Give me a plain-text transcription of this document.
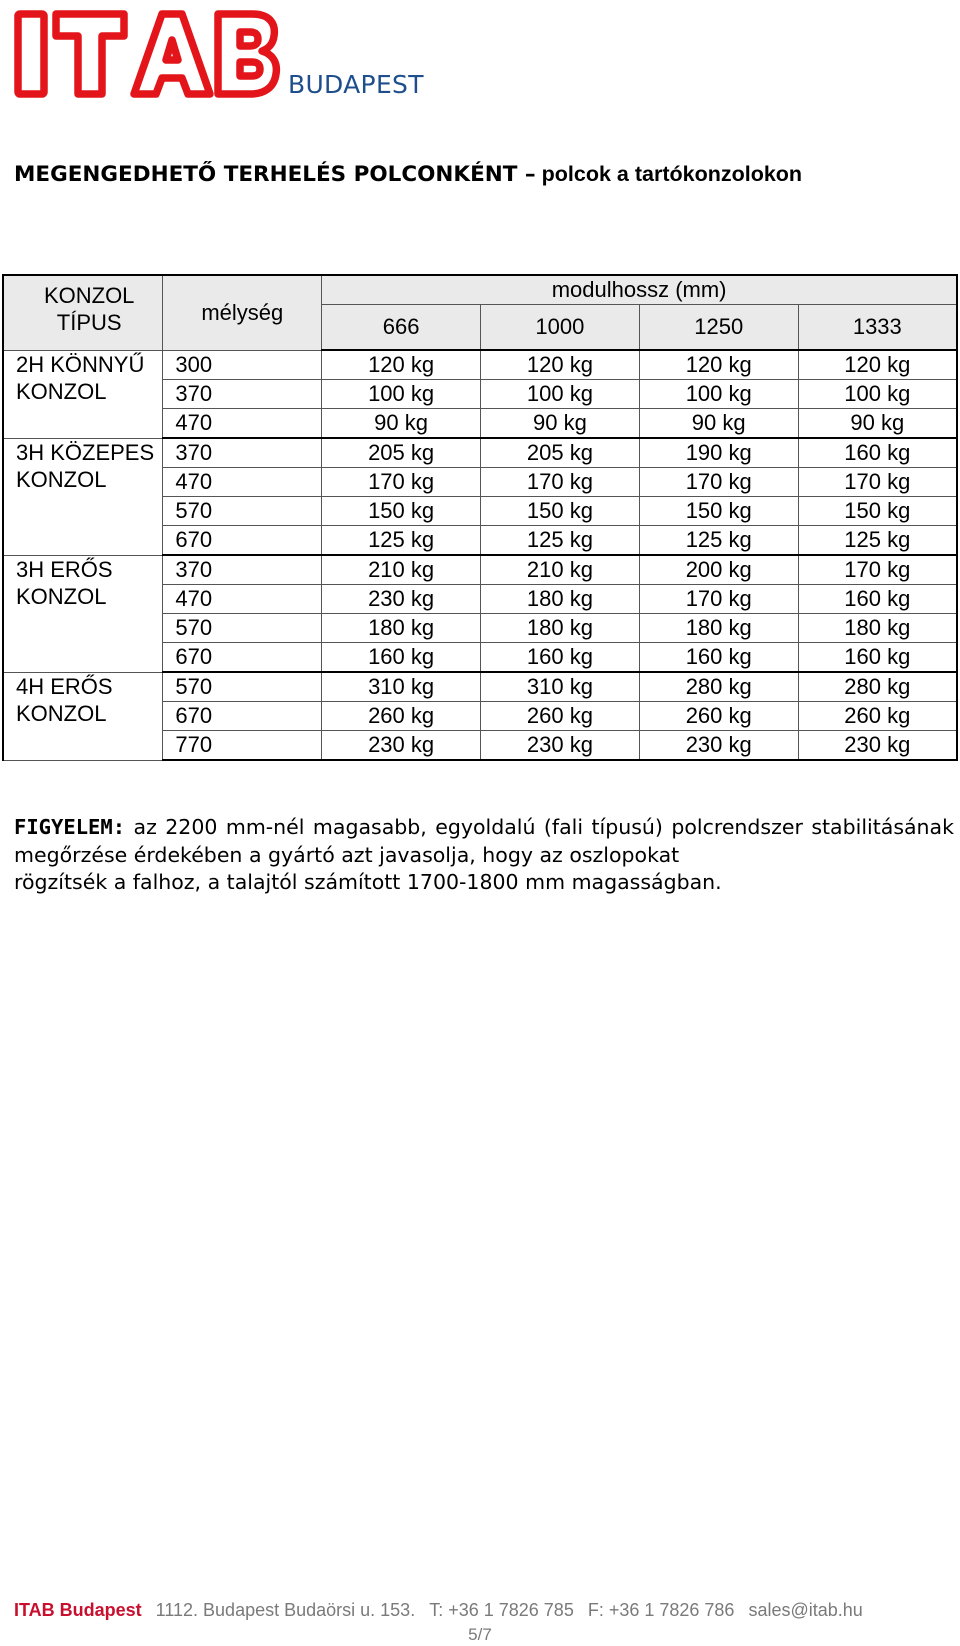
BUDAPEST
MEGENGEDHETŐ TERHELÉS POLCONKÉNT – polcok a tartókonzolokon
KONZOL TÍPUS	mélység	modulhossz (mm)			
		666	1000	1250	1333
2H KÖNNYŰ KONZOL	300	120 kg	120 kg	120 kg	120 kg
	370	100 kg	100 kg	100 kg	100 kg
	470	90 kg	90 kg	90 kg	90 kg
3H KÖZEPES KONZOL	370	205 kg	205 kg	190 kg	160 kg
	470	170 kg	170 kg	170 kg	170 kg
	570	150 kg	150 kg	150 kg	150 kg
	670	125 kg	125 kg	125 kg	125 kg
3H ERŐS KONZOL	370	210 kg	210 kg	200 kg	170 kg
	470	230 kg	180 kg	170 kg	160 kg
	570	180 kg	180 kg	180 kg	180 kg
	670	160 kg	160 kg	160 kg	160 kg
4H ERŐS KONZOL	570	310 kg	310 kg	280 kg	280 kg
	670	260 kg	260 kg	260 kg	260 kg
	770	230 kg	230 kg	230 kg	230 kg
FIGYELEM: az 2200 mm-nél magasabb, egyoldalú (fali típusú) polcrendszer stabilitásának megőrzése érdekében a gyártó azt javasolja, hogy az oszlopokat
rögzítsék a falhoz, a talajtól számított 1700-1800 mm magasságban.
ITAB Budapest 1112. Budapest Budaörsi u. 153. T: +36 1 7826 785 F: +36 1 7826 786 sales@itab.hu
5/7
